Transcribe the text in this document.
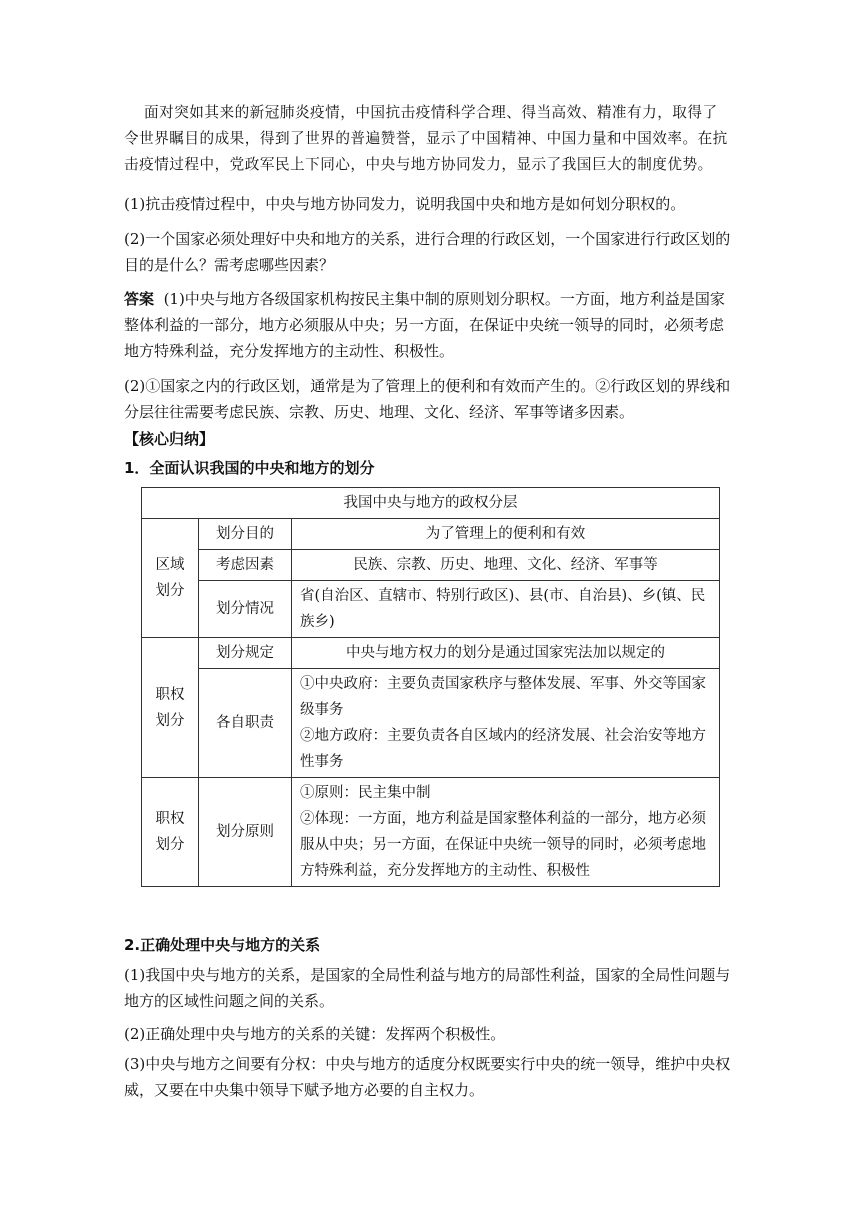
面对突如其来的新冠肺炎疫情，中国抗击疫情科学合理、得当高效、精准有力，取得了
令世界瞩目的成果，得到了世界的普遍赞誉，显示了中国精神、中国力量和中国效率。在抗
击疫情过程中，党政军民上下同心，中央与地方协同发力，显示了我国巨大的制度优势。
(1)抗击疫情过程中，中央与地方协同发力，说明我国中央和地方是如何划分职权的。
(2)一个国家必须处理好中央和地方的关系，进行合理的行政区划，一个国家进行行政区划的
目的是什么？需考虑哪些因素？
答案 (1)中央与地方各级国家机构按民主集中制的原则划分职权。一方面，地方利益是国家
整体利益的一部分，地方必须服从中央；另一方面，在保证中央统一领导的同时，必须考虑
地方特殊利益，充分发挥地方的主动性、积极性。
(2)①国家之内的行政区划，通常是为了管理上的便利和有效而产生的。②行政区划的界线和
分层往往需要考虑民族、宗教、历史、地理、文化、经济、军事等诸多因素。
【核心归纳】
1．全面认识我国的中央和地方的划分
我国中央与地方的政权分层		
区域划分	划分目的	为了管理上的便利和有效
	考虑因素	民族、宗教、历史、地理、文化、经济、军事等
	划分情况	省(自治区、直辖市、特别行政区)、县(市、自治县)、乡(镇、民
族乡)

职权划分	划分规定	中央与地方权力的划分是通过国家宪法加以规定的
	各自职责	①中央政府：主要负责国家秩序与整体发展、军事、外交等国家
级事务
②地方政府：主要负责各自区域内的经济发展、社会治安等地方
性事务

职权划分	划分原则	①原则：民主集中制
②体现：一方面，地方利益是国家整体利益的一部分，地方必须
服从中央；另一方面，在保证中央统一领导的同时，必须考虑地
方特殊利益，充分发挥地方的主动性、积极性
2.正确处理中央与地方的关系
(1)我国中央与地方的关系，是国家的全局性利益与地方的局部性利益，国家的全局性问题与
地方的区域性问题之间的关系。
(2)正确处理中央与地方的关系的关键：发挥两个积极性。
(3)中央与地方之间要有分权：中央与地方的适度分权既要实行中央的统一领导，维护中央权
威，又要在中央集中领导下赋予地方必要的自主权力。
